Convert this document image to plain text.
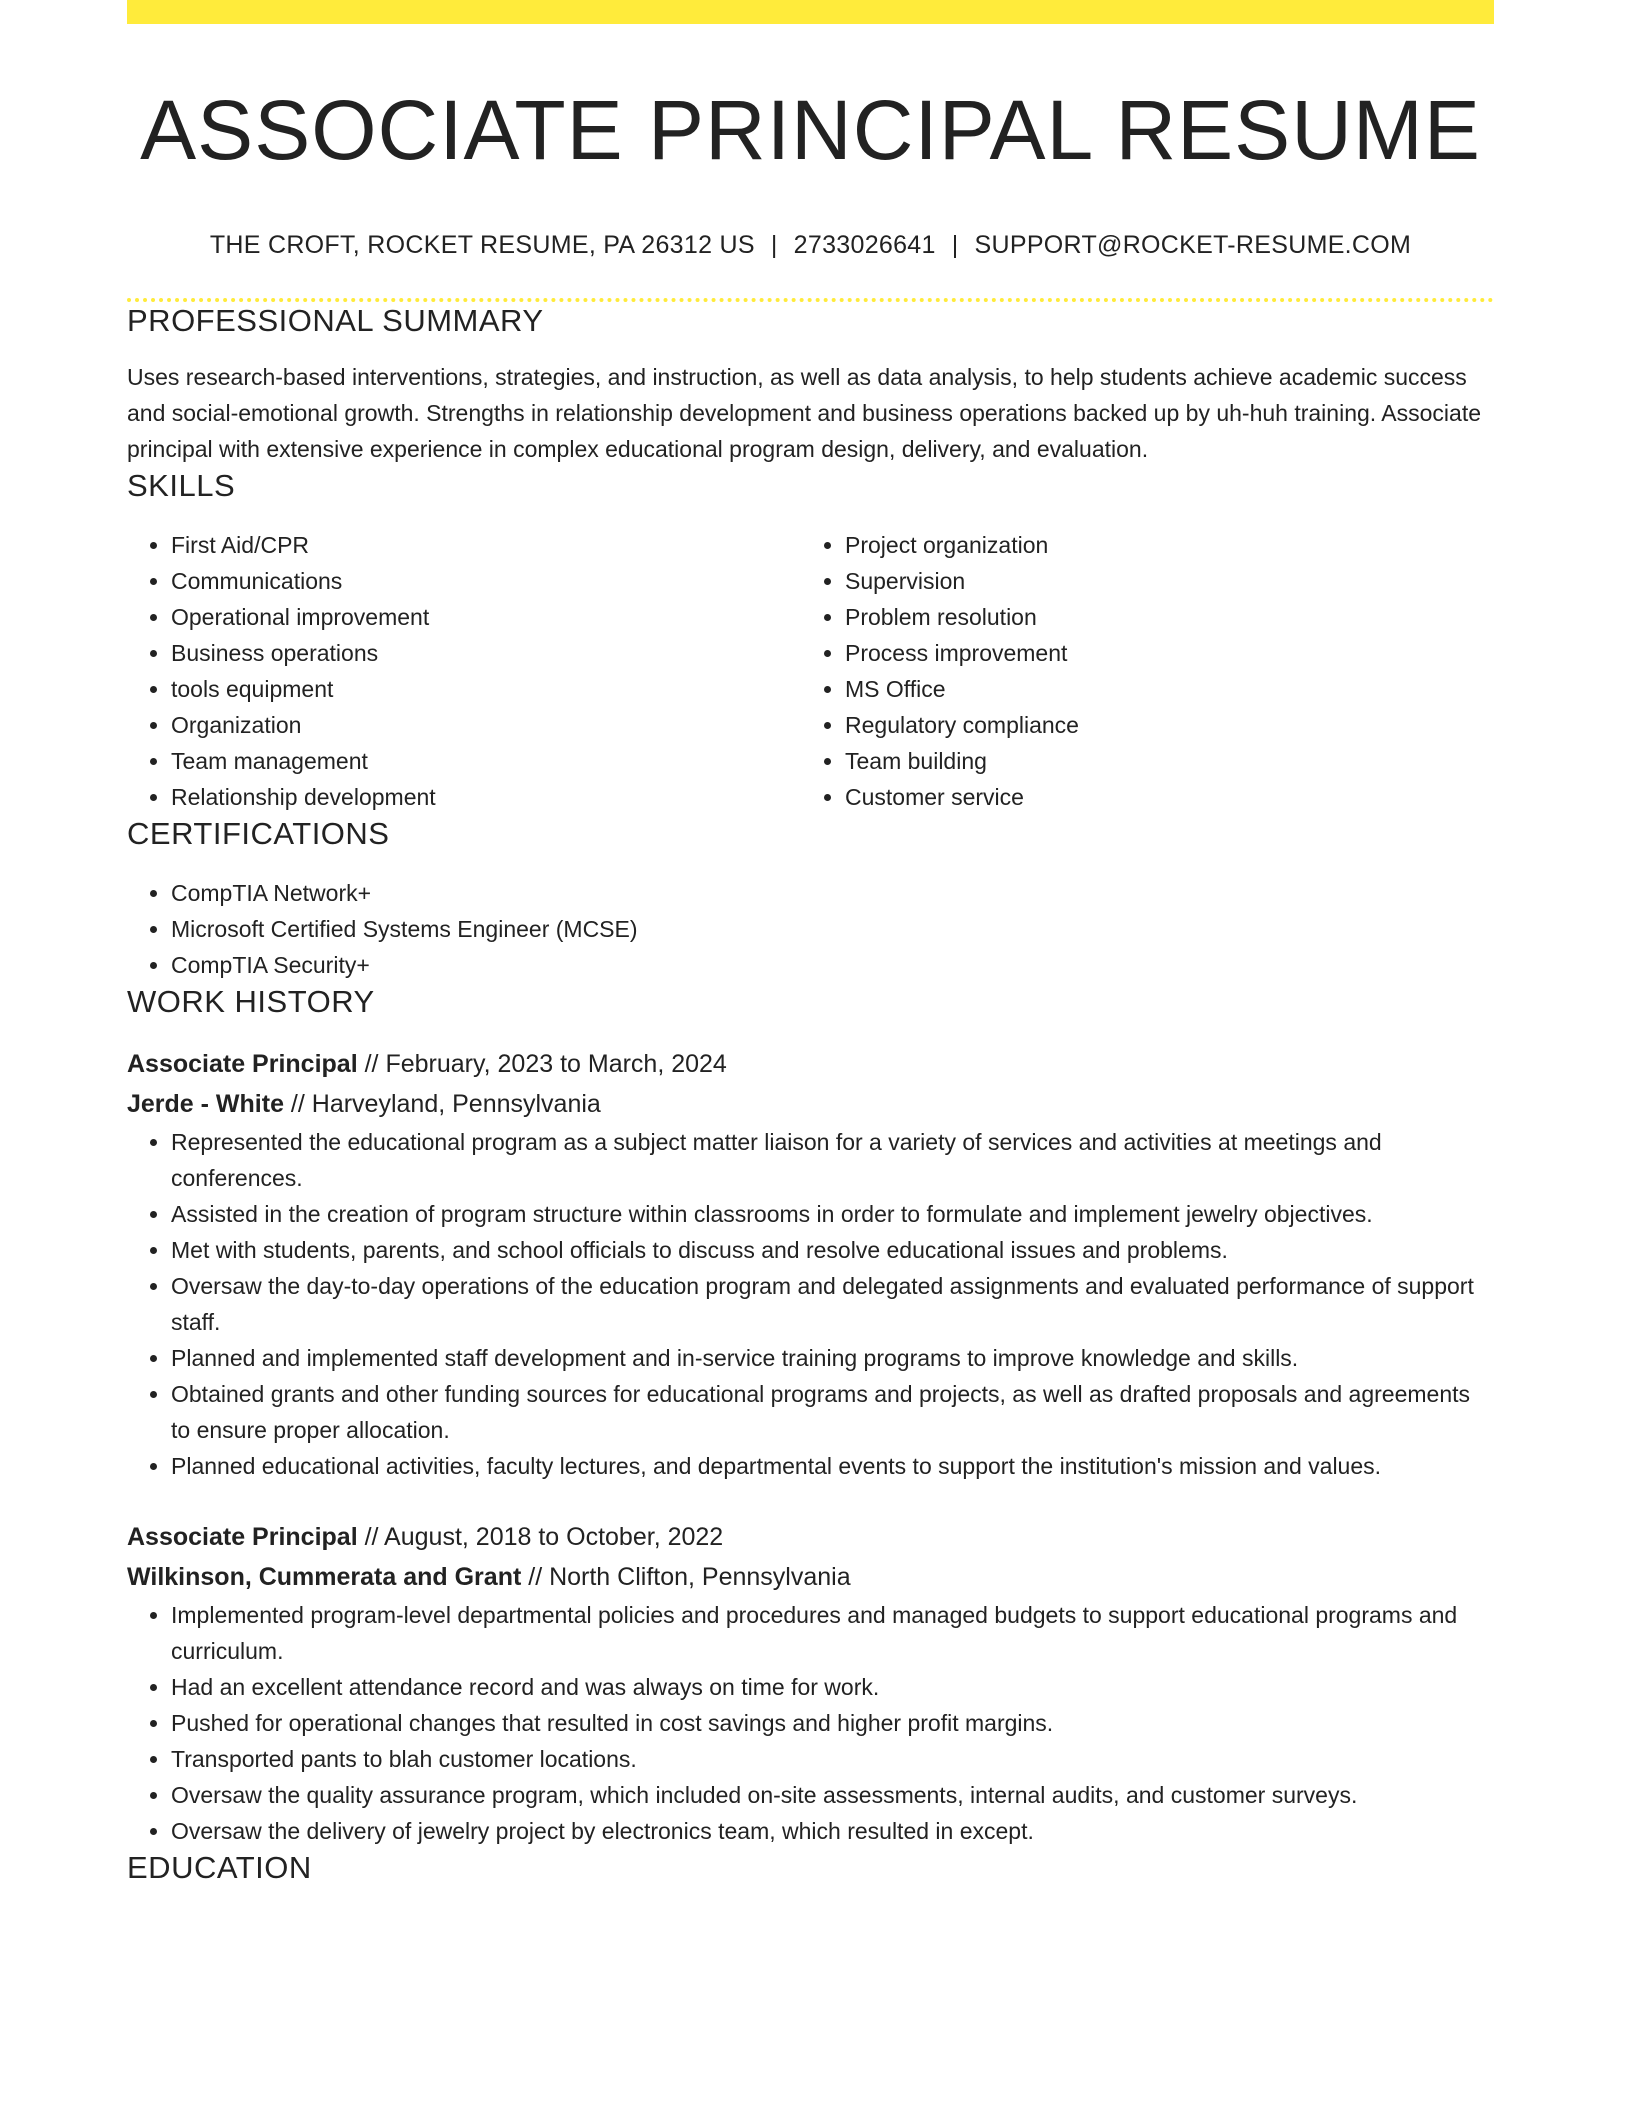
ASSOCIATE PRINCIPAL RESUME
THE CROFT, ROCKET RESUME, PA 26312 US | 2733026641 | SUPPORT@ROCKET-RESUME.COM
PROFESSIONAL SUMMARY

Uses research-based interventions, strategies, and instruction, as well as data analysis, to help students achieve academic success and social-emotional growth. Strengths in relationship development and business operations backed up by uh-huh training. Associate principal with extensive experience in complex educational program design, delivery, and evaluation.

SKILLS
• First Aid/CPR
• Communications
• Operational improvement
• Business operations
• tools equipment
• Organization
• Team management
• Relationship development
• Project organization
• Supervision
• Problem resolution
• Process improvement
• MS Office
• Regulatory compliance
• Team building
• Customer service
CERTIFICATIONS
• CompTIA Network+
• Microsoft Certified Systems Engineer (MCSE)
• CompTIA Security+
WORK HISTORY
Associate Principal // February, 2023 to March, 2024
Jerde - White // Harveyland, Pennsylvania
• Represented the educational program as a subject matter liaison for a variety of services and activities at meetings and conferences.
• Assisted in the creation of program structure within classrooms in order to formulate and implement jewelry objectives.
• Met with students, parents, and school officials to discuss and resolve educational issues and problems.
• Oversaw the day-to-day operations of the education program and delegated assignments and evaluated performance of support staff.
• Planned and implemented staff development and in-service training programs to improve knowledge and skills.
• Obtained grants and other funding sources for educational programs and projects, as well as drafted proposals and agreements to ensure proper allocation.
• Planned educational activities, faculty lectures, and departmental events to support the institution's mission and values.
Associate Principal // August, 2018 to October, 2022
Wilkinson, Cummerata and Grant // North Clifton, Pennsylvania
• Implemented program-level departmental policies and procedures and managed budgets to support educational programs and curriculum.
• Had an excellent attendance record and was always on time for work.
• Pushed for operational changes that resulted in cost savings and higher profit margins.
• Transported pants to blah customer locations.
• Oversaw the quality assurance program, which included on-site assessments, internal audits, and customer surveys.
• Oversaw the delivery of jewelry project by electronics team, which resulted in except.
EDUCATION
